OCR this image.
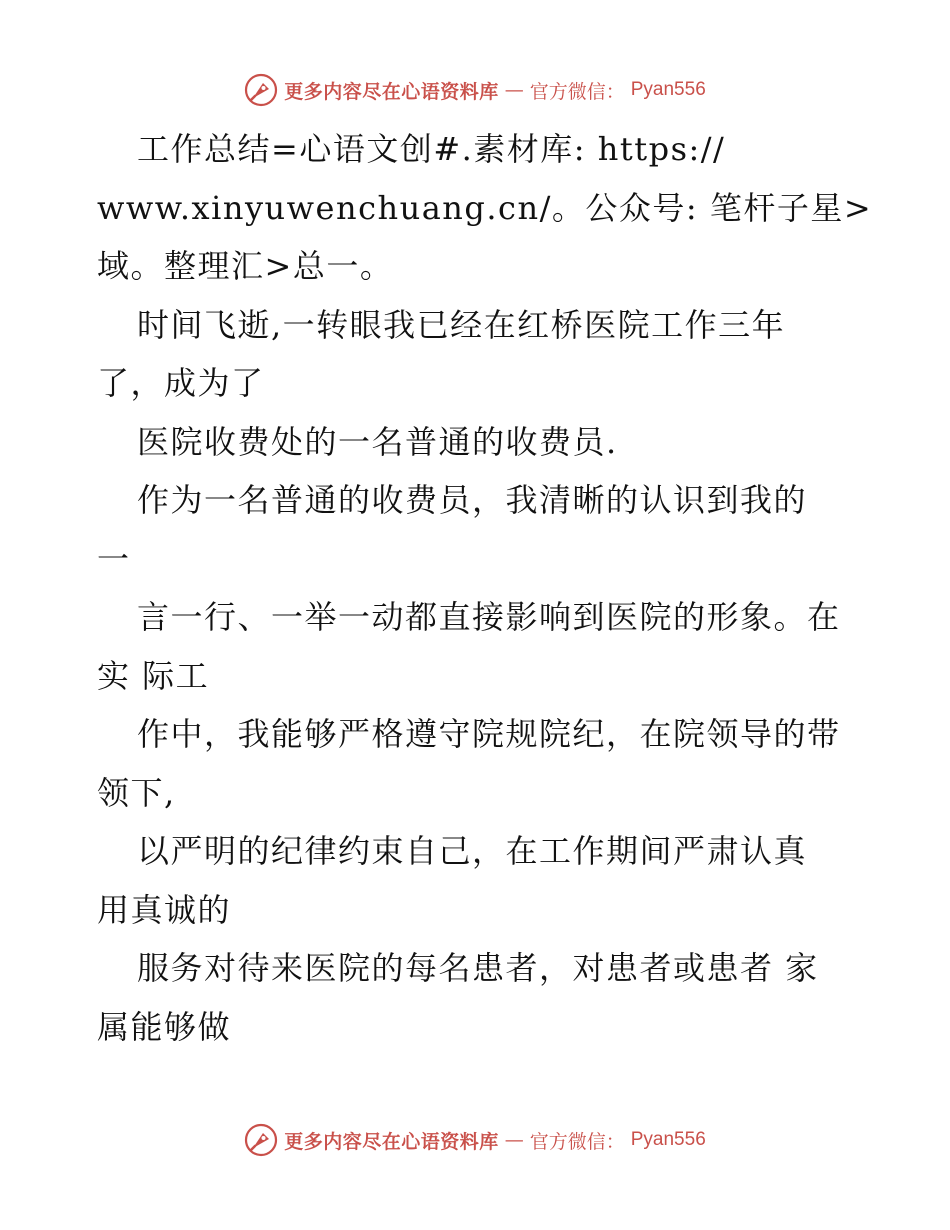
更多内容尽在心语资料库 — 官方微信： Pyan556
工作总结=心语文创#.素材库: https://
www.xinyuwenchuang.cn/。公众号: 笔杆子星>
域。整理汇>总一。
时间飞逝,一转眼我已经在红桥医院工作三年
了，成为了
医院收费处的一名普通的收费员.
作为一名普通的收费员，我清晰的认识到我的
一
言一行、一举一动都直接影响到医院的形象。在
实 际工
作中，我能够严格遵守院规院纪，在院领导的带
领下,
以严明的纪律约束自己，在工作期间严肃认真
用真诚的
服务对待来医院的每名患者，对患者或患者 家
属能够做
更多内容尽在心语资料库 — 官方微信： Pyan556
